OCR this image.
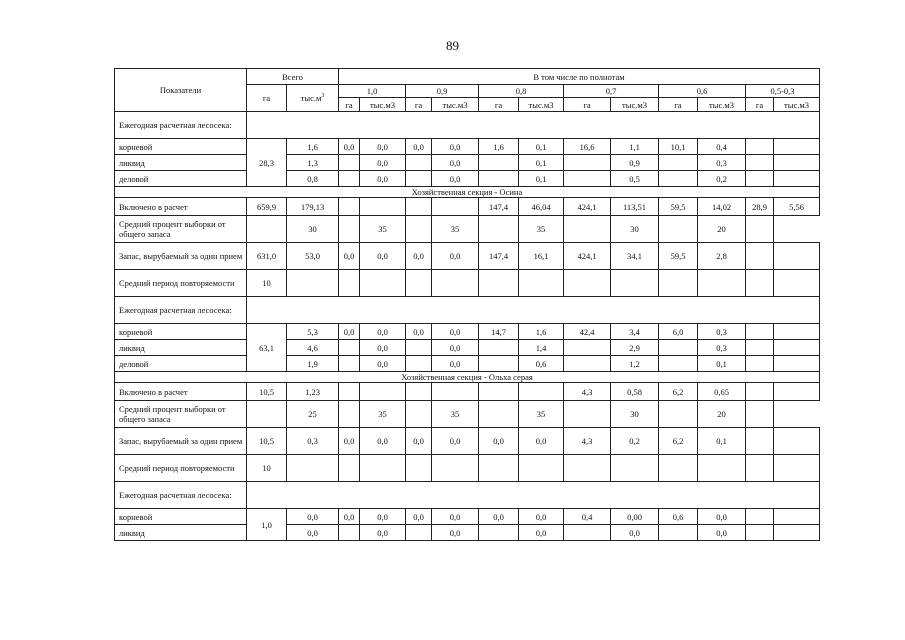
89
Показатели	Всего		В том числе по полнотам											
	га	$тыс.м^3$	1,0		0,9		0,8		0,7		0,6		0,5-0,3	
			га	тыс.м3	га	тыс.м3	га	тыс.м3	га	тыс.м3	га	тыс.м3	га	тыс.м3
Ежегодная расчетная лесосека:														
корневой	28,3	1,6	0,0	0,0	0,0	0,0	1,6	0,1	16,6	1,1	10,1	0,4		
ликвид		1,3		0,0		0,0		0,1		0,9		0,3		
деловой		0,8		0,0		0,0		0,1		0,5		0,2		
Хозяйственная секция - Осина														
Включено в расчет	659,9	179,13					147,4	46,04	424,1	113,51	59,5	14,02	28,9	5,56
Средний процент выборки от общего запаса		30		35		35		35		30		20		
Запас, вырубаемый за один прием	631,0	53,0	0,0	0,0	0,0	0,0	147,4	16,1	424,1	34,1	59,5	2,8		
Средний период повторяемости	10													
Ежегодная расчетная лесосека:														
корневой	63,1	5,3	0,0	0,0	0,0	0,0	14,7	1,6	42,4	3,4	6,0	0,3		
ликвид		4,6		0,0		0,0		1,4		2,9		0,3		
деловой		1,9		0,0		0,0		0,6		1,2		0,1		
Хозяйственная секция - Ольха серая														
Включено в расчет	10,5	1,23							4,3	0,58	6,2	0,65		
Средний процент выборки от общего запаса		25		35		35		35		30		20		
Запас, вырубаемый за один прием	10,5	0,3	0,0	0,0	0,0	0,0	0,0	0,0	4,3	0,2	6,2	0,1		
Средний период повторяемости	10													
Ежегодная расчетная лесосека:														
корневой	1,0	0,0	0,0	0,0	0,0	0,0	0,0	0,0	0,4	0,00	0,6	0,0		
ликвид		0,0		0,0		0,0		0,0		0,0		0,0		
